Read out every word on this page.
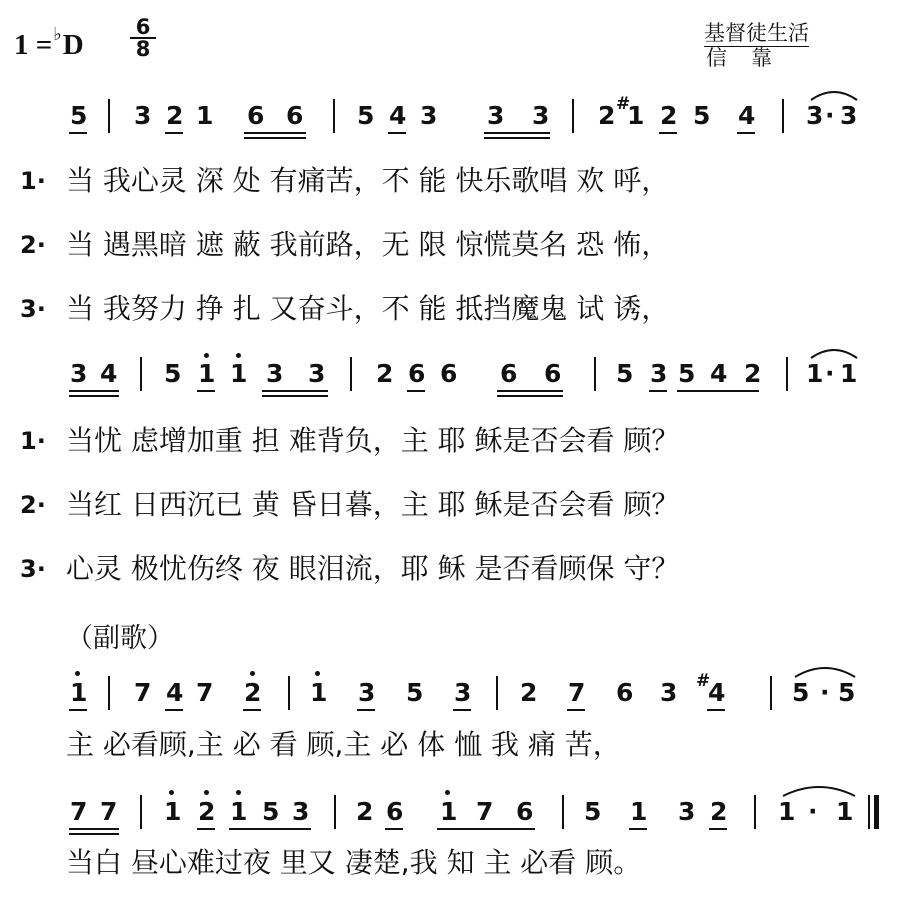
1 =♭D
6
8
基督徒生活
信靠
5 3 2 1 6 6 5 4 3 3 3 2 #
1 2 5 4 3 · 3
1· 当 我心灵 深 处 有痛苦，不 能 快乐歌唱 欢 呼，
2· 当 遇黑暗 遮 蔽 我前路，无 限 惊慌莫名 恐 怖，
3· 当 我努力 挣 扎 又奋斗，不 能 抵挡魔鬼 试 诱，
3 4 5 1 1 3 3 2 6 6 6 6 5 3 5 4 2 1 · 1
1· 当忧 虑增加重 担 难背负，主 耶 稣是否会看 顾？
2· 当红 日西沉已 黄 昏日暮，主 耶 稣是否会看 顾？
3· 心灵 极忧伤终 夜 眼泪流，耶 稣 是否看顾保 守？
（副歌）
1 7 4 7 2 1 3 5 3 2 7 6 3 #
4	5 · 5
主 必看顾,主 必 看 顾,主 必 体 恤 我 痛 苦，
7 7 1 2 1 5 3 2 6 1 7 6 5 1 3 2 1 · 1
当白 昼心难过夜 里又 凄楚,我 知 主 必看 顾。
